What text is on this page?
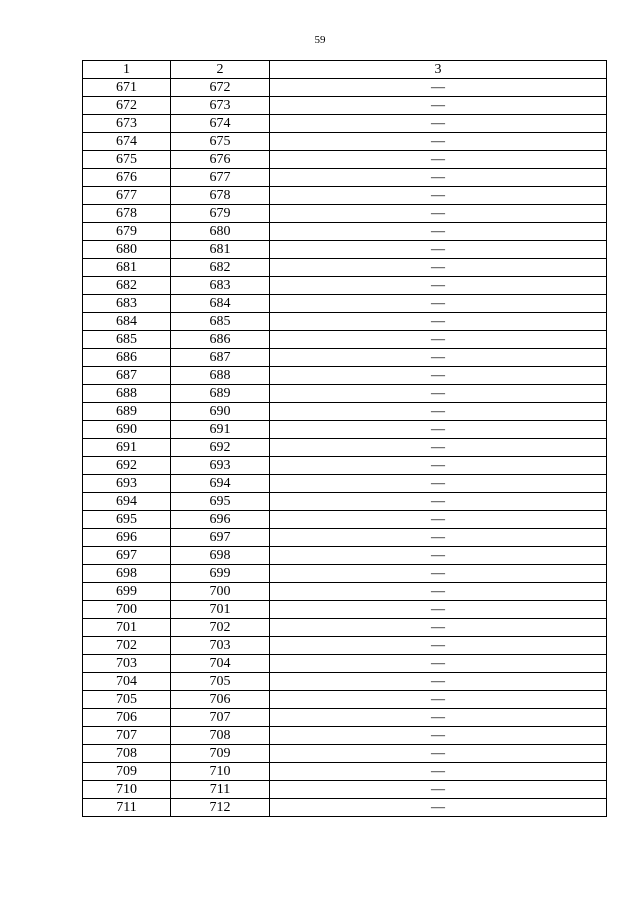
59
1	2	3
671	672	—
672	673	—
673	674	—
674	675	—
675	676	—
676	677	—
677	678	—
678	679	—
679	680	—
680	681	—
681	682	—
682	683	—
683	684	—
684	685	—
685	686	—
686	687	—
687	688	—
688	689	—
689	690	—
690	691	—
691	692	—
692	693	—
693	694	—
694	695	—
695	696	—
696	697	—
697	698	—
698	699	—
699	700	—
700	701	—
701	702	—
702	703	—
703	704	—
704	705	—
705	706	—
706	707	—
707	708	—
708	709	—
709	710	—
710	711	—
711	712	—
